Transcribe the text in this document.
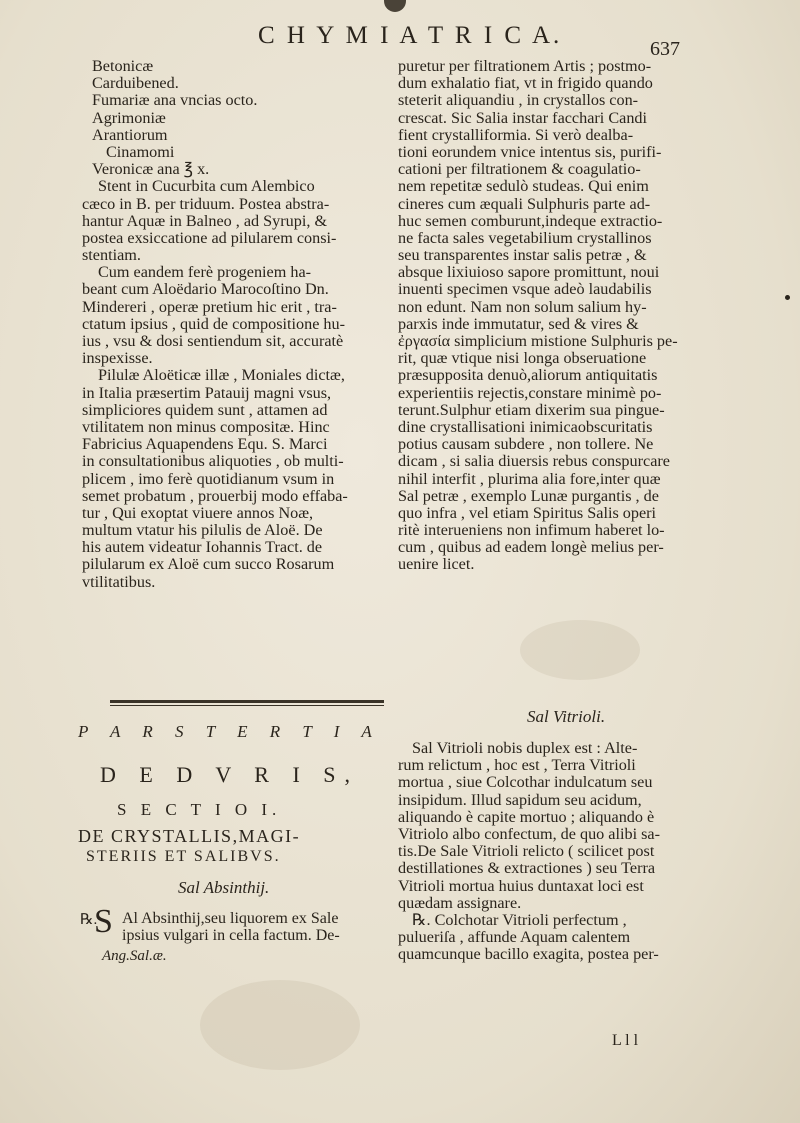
C H Y M I A T R I C A.	637
Betonicæ
Carduibened.
Fumariæ ana vncias octo.
Agrimoniæ
Arantiorum
Cinamomi
Veronicæ ana ℥ x.
Stent in Cucurbita cum Alembico
cæco in B. per triduum. Postea abstra-
hantur Aquæ in Balneo , ad Syrupi, &
postea exsiccatione ad pilularem consi-
stentiam.
Cum eandem ferè progeniem ha-
beant cum Aloëdario Marocoſtino Dn.
Mindereri , operæ pretium hic erit , tra-
ctatum ipsius , quid de compositione hu-
ius , vsu & dosi sentiendum sit, accuratè
inspexisse.
Pilulæ Aloëticæ illæ , Moniales dictæ,
in Italia præsertim Patauij magni vsus,
simpliciores quidem sunt , attamen ad
vtilitatem non minus compositæ. Hinc
Fabricius Aquapendens Equ. S. Marci
in consultationibus aliquoties , ob multi-
plicem , imo ferè quotidianum vsum in
semet probatum , prouerbij modo effaba-
tur , Qui exoptat viuere annos Noæ,
multum vtatur his pilulis de Aloë. De
his autem videatur Iohannis Tract. de
pilularum ex Aloë cum succo Rosarum
vtilitatibus.
puretur per filtrationem Artis ; postmo-
dum exhalatio fiat, vt in frigido quando
steterit aliquandiu , in crystallos con-
crescat. Sic Salia instar facchari Candi
fient crystalliformia. Si verò dealba-
tioni eorundem vnice intentus sis, purifi-
cationi per filtrationem & coagulatio-
nem repetitæ sedulò studeas. Qui enim
cineres cum æquali Sulphuris parte ad-
huc semen comburunt,indeque extractio-
ne facta sales vegetabilium crystallinos
seu transparentes instar salis petræ , &
absque lixiuioso sapore promittunt, noui
inuenti specimen vsque adeò laudabilis
non edunt. Nam non solum salium hy-
parxis inde immutatur, sed & vires &
ἐργασία simplicium mistione Sulphuris pe-
rit, quæ vtique nisi longa obseruatione
præsupposita denuò,aliorum antiquitatis
experientiis rejectis,constare minimè po-
terunt.Sulphur etiam dixerim sua pingue-
dine crystallisationi inimicaobscuritatis
potius causam subdere , non tollere. Ne
dicam , si salia diuersis rebus conspurcare
nihil interfit , plurima alia fore,inter quæ
Sal petræ , exemplo Lunæ purgantis , de
quo infra , vel etiam Spiritus Salis operi
ritè interueniens non infimum haberet lo-
cum , quibus ad eadem longè melius per-
uenire licet.
P A R S T E R T I A
D E D V R I S,
S E C T I O I.
DE CRYSTALLIS,MAGI-
STERIIS ET SALIBVS.
Sal Absinthij.
℞.
S Al Absinthij,seu liquorem ex Sale
ipsius vulgari in cella factum. De-
Ang.Sal.æ.
Sal Vitrioli.
Sal Vitrioli nobis duplex est : Alte-
rum relictum , hoc est , Terra Vitrioli
mortua , siue Colcothar indulcatum seu
insipidum. Illud sapidum seu acidum,
aliquando è capite mortuo ; aliquando è
Vitriolo albo confectum, de quo alibi sa-
tis.De Sale Vitrioli relicto ( scilicet post
destillationes & extractiones ) seu Terra
Vitrioli mortua huius duntaxat loci est
quædam assignare.
℞. Colchotar Vitrioli perfectum ,
pulueriſa , affunde Aquam calentem
quamcunque bacillo exagita, postea per-
L l l
